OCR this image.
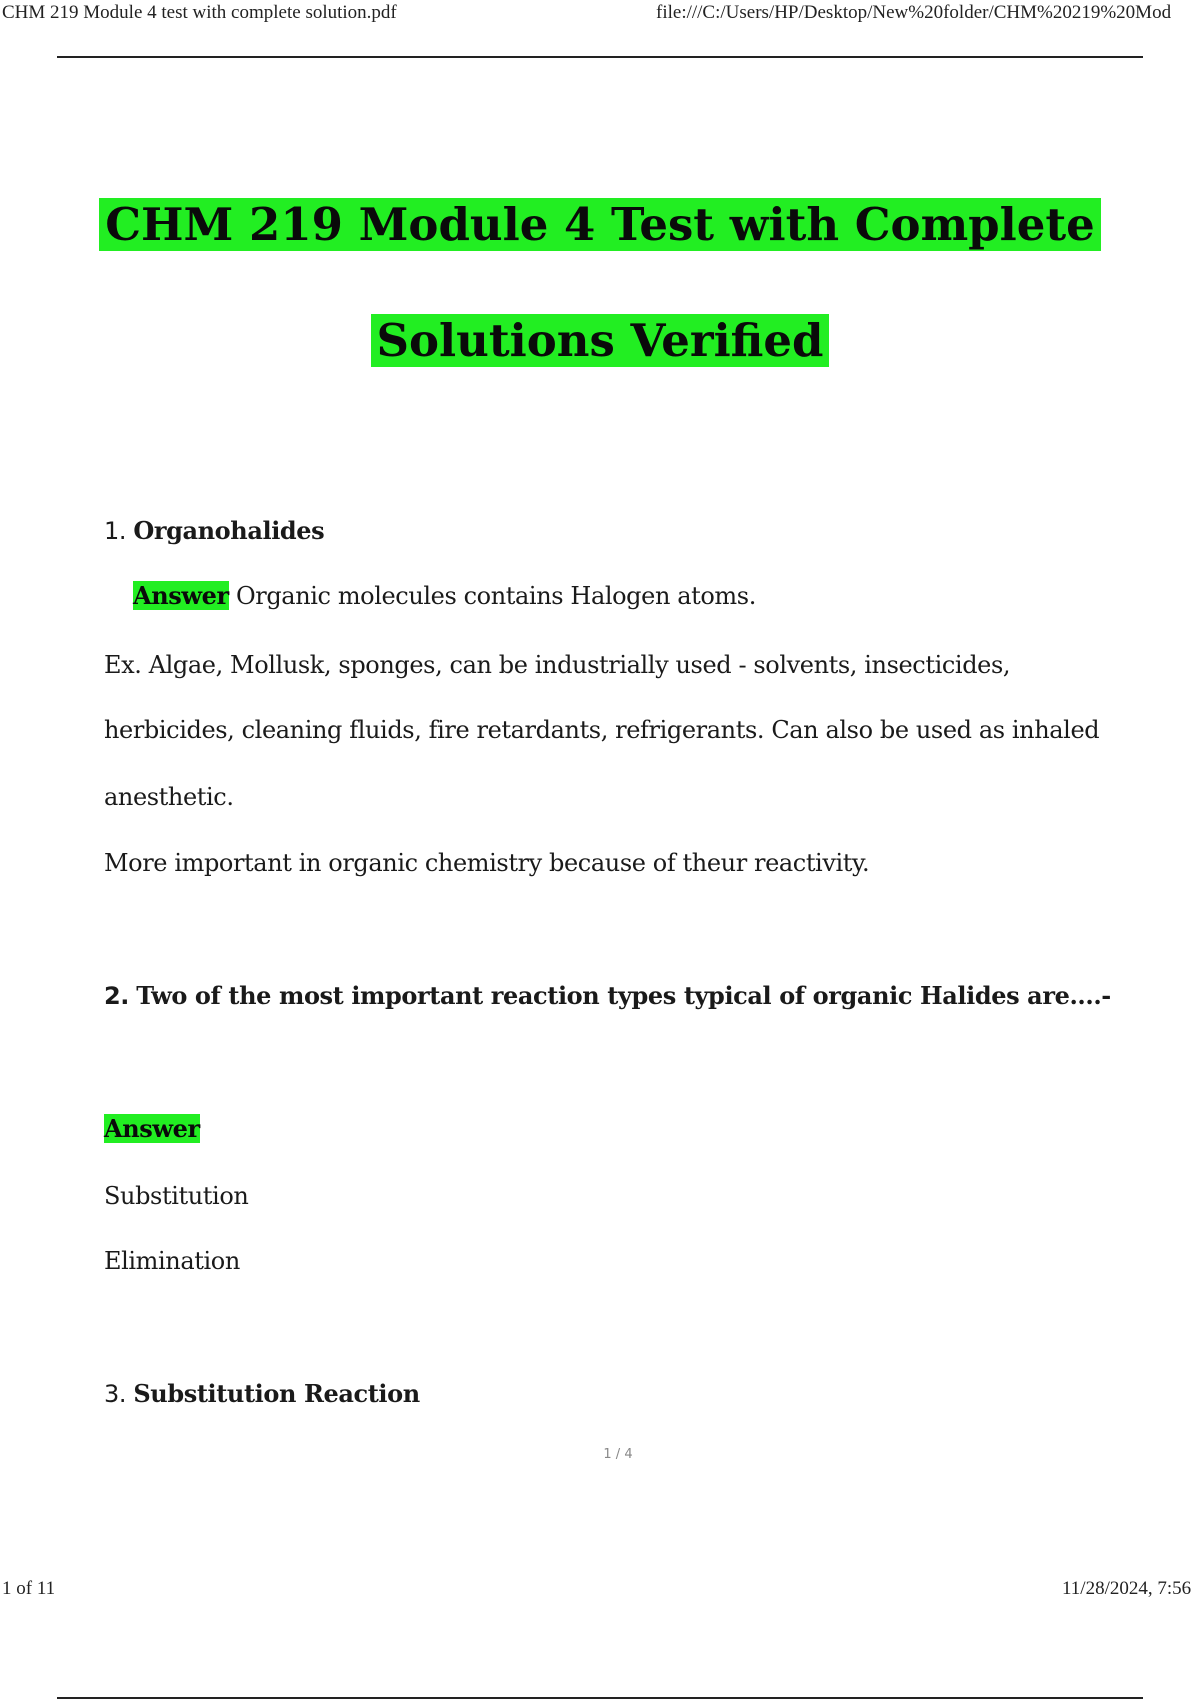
CHM 219 Module 4 test with complete solution.pdf	file:///C:/Users/HP/Desktop/New%20folder/CHM%20219%20Mod
CHM 219 Module 4 Test with Complete
Solutions Verified
1. Organohalides
Answer Organic molecules contains Halogen atoms.
Ex. Algae, Mollusk, sponges, can be industrially used - solvents, insecticides,
herbicides, cleaning fluids, fire retardants, refrigerants. Can also be used as inhaled
anesthetic.
More important in organic chemistry because of theur reactivity.
2. Two of the most important reaction types typical of organic Halides are....-
Answer
Substitution
Elimination
3. Substitution Reaction
1 / 4
1 of 11	11/28/2024, 7:56
